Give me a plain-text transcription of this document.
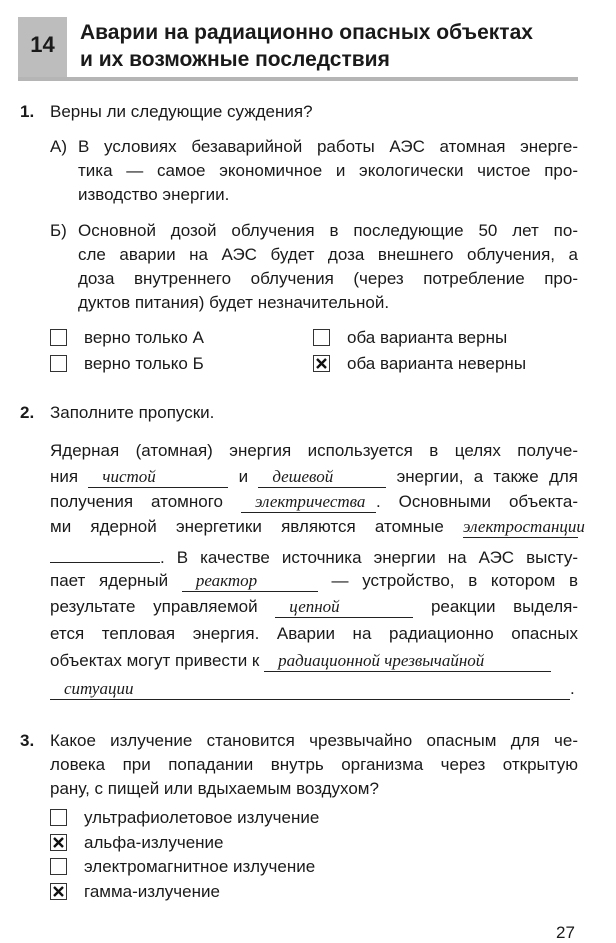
14	Аварии на радиационно опасных объектах
и их возможные последствия
1. Верны ли следующие суждения?
А)
Б)
2. Заполните пропуски.
3.
27
В условиях безаварийной работы АЭС атомная энерге-
тика — самое экономичное и экологически чистое про-
изводство энергии.
Основной дозой облучения в последующие 50 лет по-
сле аварии на АЭС будет доза внешнего облучения, а
доза внутреннего облучения (через потребление про-
дуктов питания) будет незначительной.
верно только А
верно только Б
оба варианта верны
оба варианта неверны
Ядерная (атомная) энергия используется в целях получе-
ния чистой	и дешевой	энергии, а также для
получения атомного электричества . Основными объекта-
ми ядерной энергетики являются атомные электростанции
. В качестве источника энергии на АЭС высту-
пает ядерный реактор	— устройство, в котором в
результате управляемой цепной	реакции выделя-
ется тепловая энергия. Аварии на радиационно опасных
объектах могут привести к радиационной чрезвычайной
ситуации	.
Какое излучение становится чрезвычайно опасным для че-
ловека при попадании внутрь организма через открытую
рану, с пищей или вдыхаемым воздухом?
ультрафиолетовое излучение
альфа-излучение
электромагнитное излучение
гамма-излучение
